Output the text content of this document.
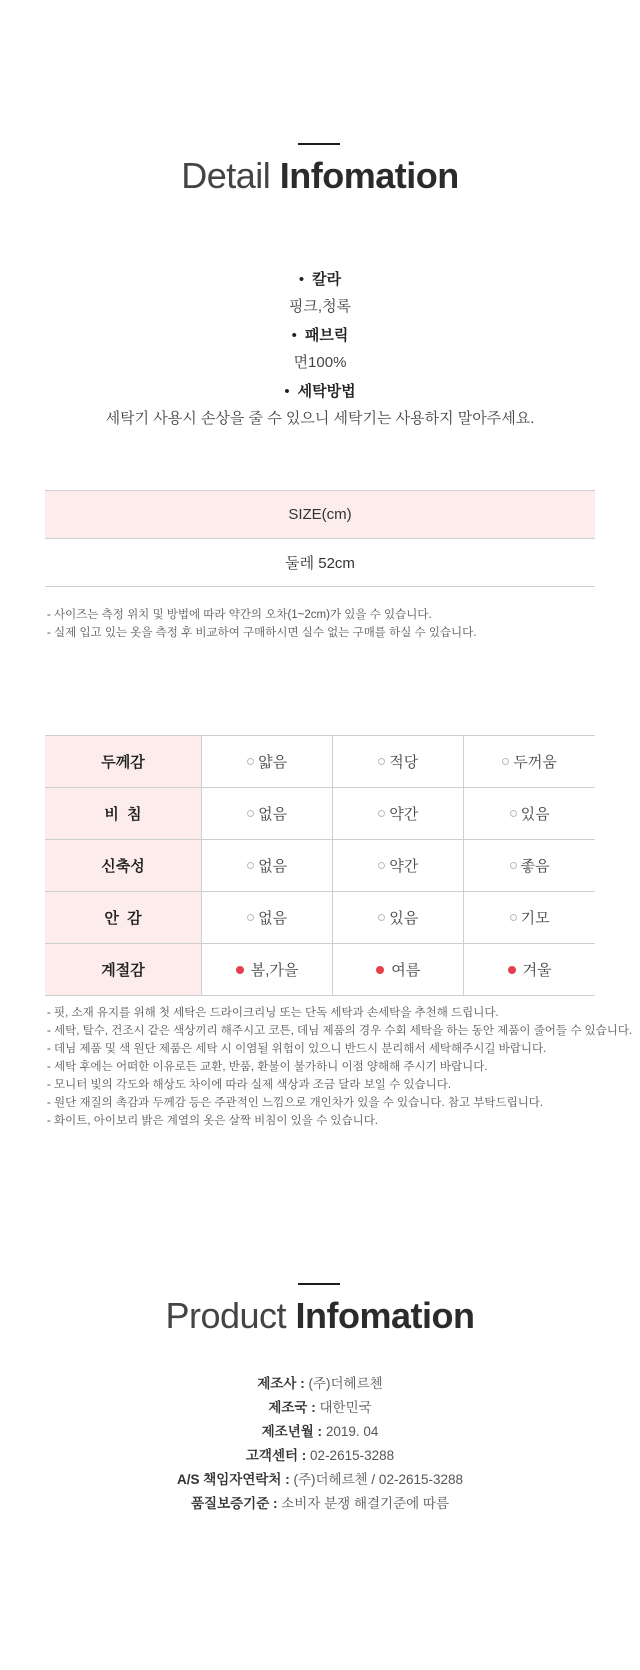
Detail Infomation
• 칼라
핑크,청록
• 패브릭
면100%
• 세탁방법
세탁기 사용시 손상을 줄 수 있으니 세탁기는 사용하지 말아주세요.
SIZE(cm)
둘레 52cm
- 사이즈는 측정 위치 및 방법에 따라 약간의 오차(1~2cm)가 있을 수 있습니다.
- 실제 입고 있는 옷을 측정 후 비교하여 구매하시면 실수 없는 구매를 하실 수 있습니다.
두께감	얇음	적당	두꺼움

비  침	없음	약간	있음

신축성	없음	약간	좋음

안  감	없음	있음	기모

계절감	봄,가을	여름	겨울
- 핏, 소재 유지를 위해 첫 세탁은 드라이크리닝 또는 단독 세탁과 손세탁을 추천해 드립니다.
- 세탁, 탈수, 건조시 같은 색상끼리 해주시고 코튼, 데님 제품의 경우 수회 세탁을 하는 동안 제품이 줄어들 수 있습니다.
- 데님 제품 및 색 원단 제품은 세탁 시 이염될 위험이 있으니 반드시 분리해서 세탁해주시길 바랍니다.
- 세탁 후에는 어떠한 이유로든 교환, 반품, 환불이 불가하니 이점 양해해 주시기 바랍니다.
- 모니터 빛의 각도와 해상도 차이에 따라 실제 색상과 조금 달라 보일 수 있습니다.
- 원단 재질의 촉감과 두께감 등은 주관적인 느낌으로 개인차가 있을 수 있습니다. 참고 부탁드립니다.
- 화이트, 아이보리 밝은 계열의 옷은 살짝 비침이 있을 수 있습니다.
Product Infomation
제조사 : (주)더헤르첸
제조국 : 대한민국
제조년월 : 2019. 04
고객센터 : 02-2615-3288
A/S 책임자연락처 : (주)더헤르첸 / 02-2615-3288
품질보증기준 : 소비자 분쟁 해결기준에 따름
